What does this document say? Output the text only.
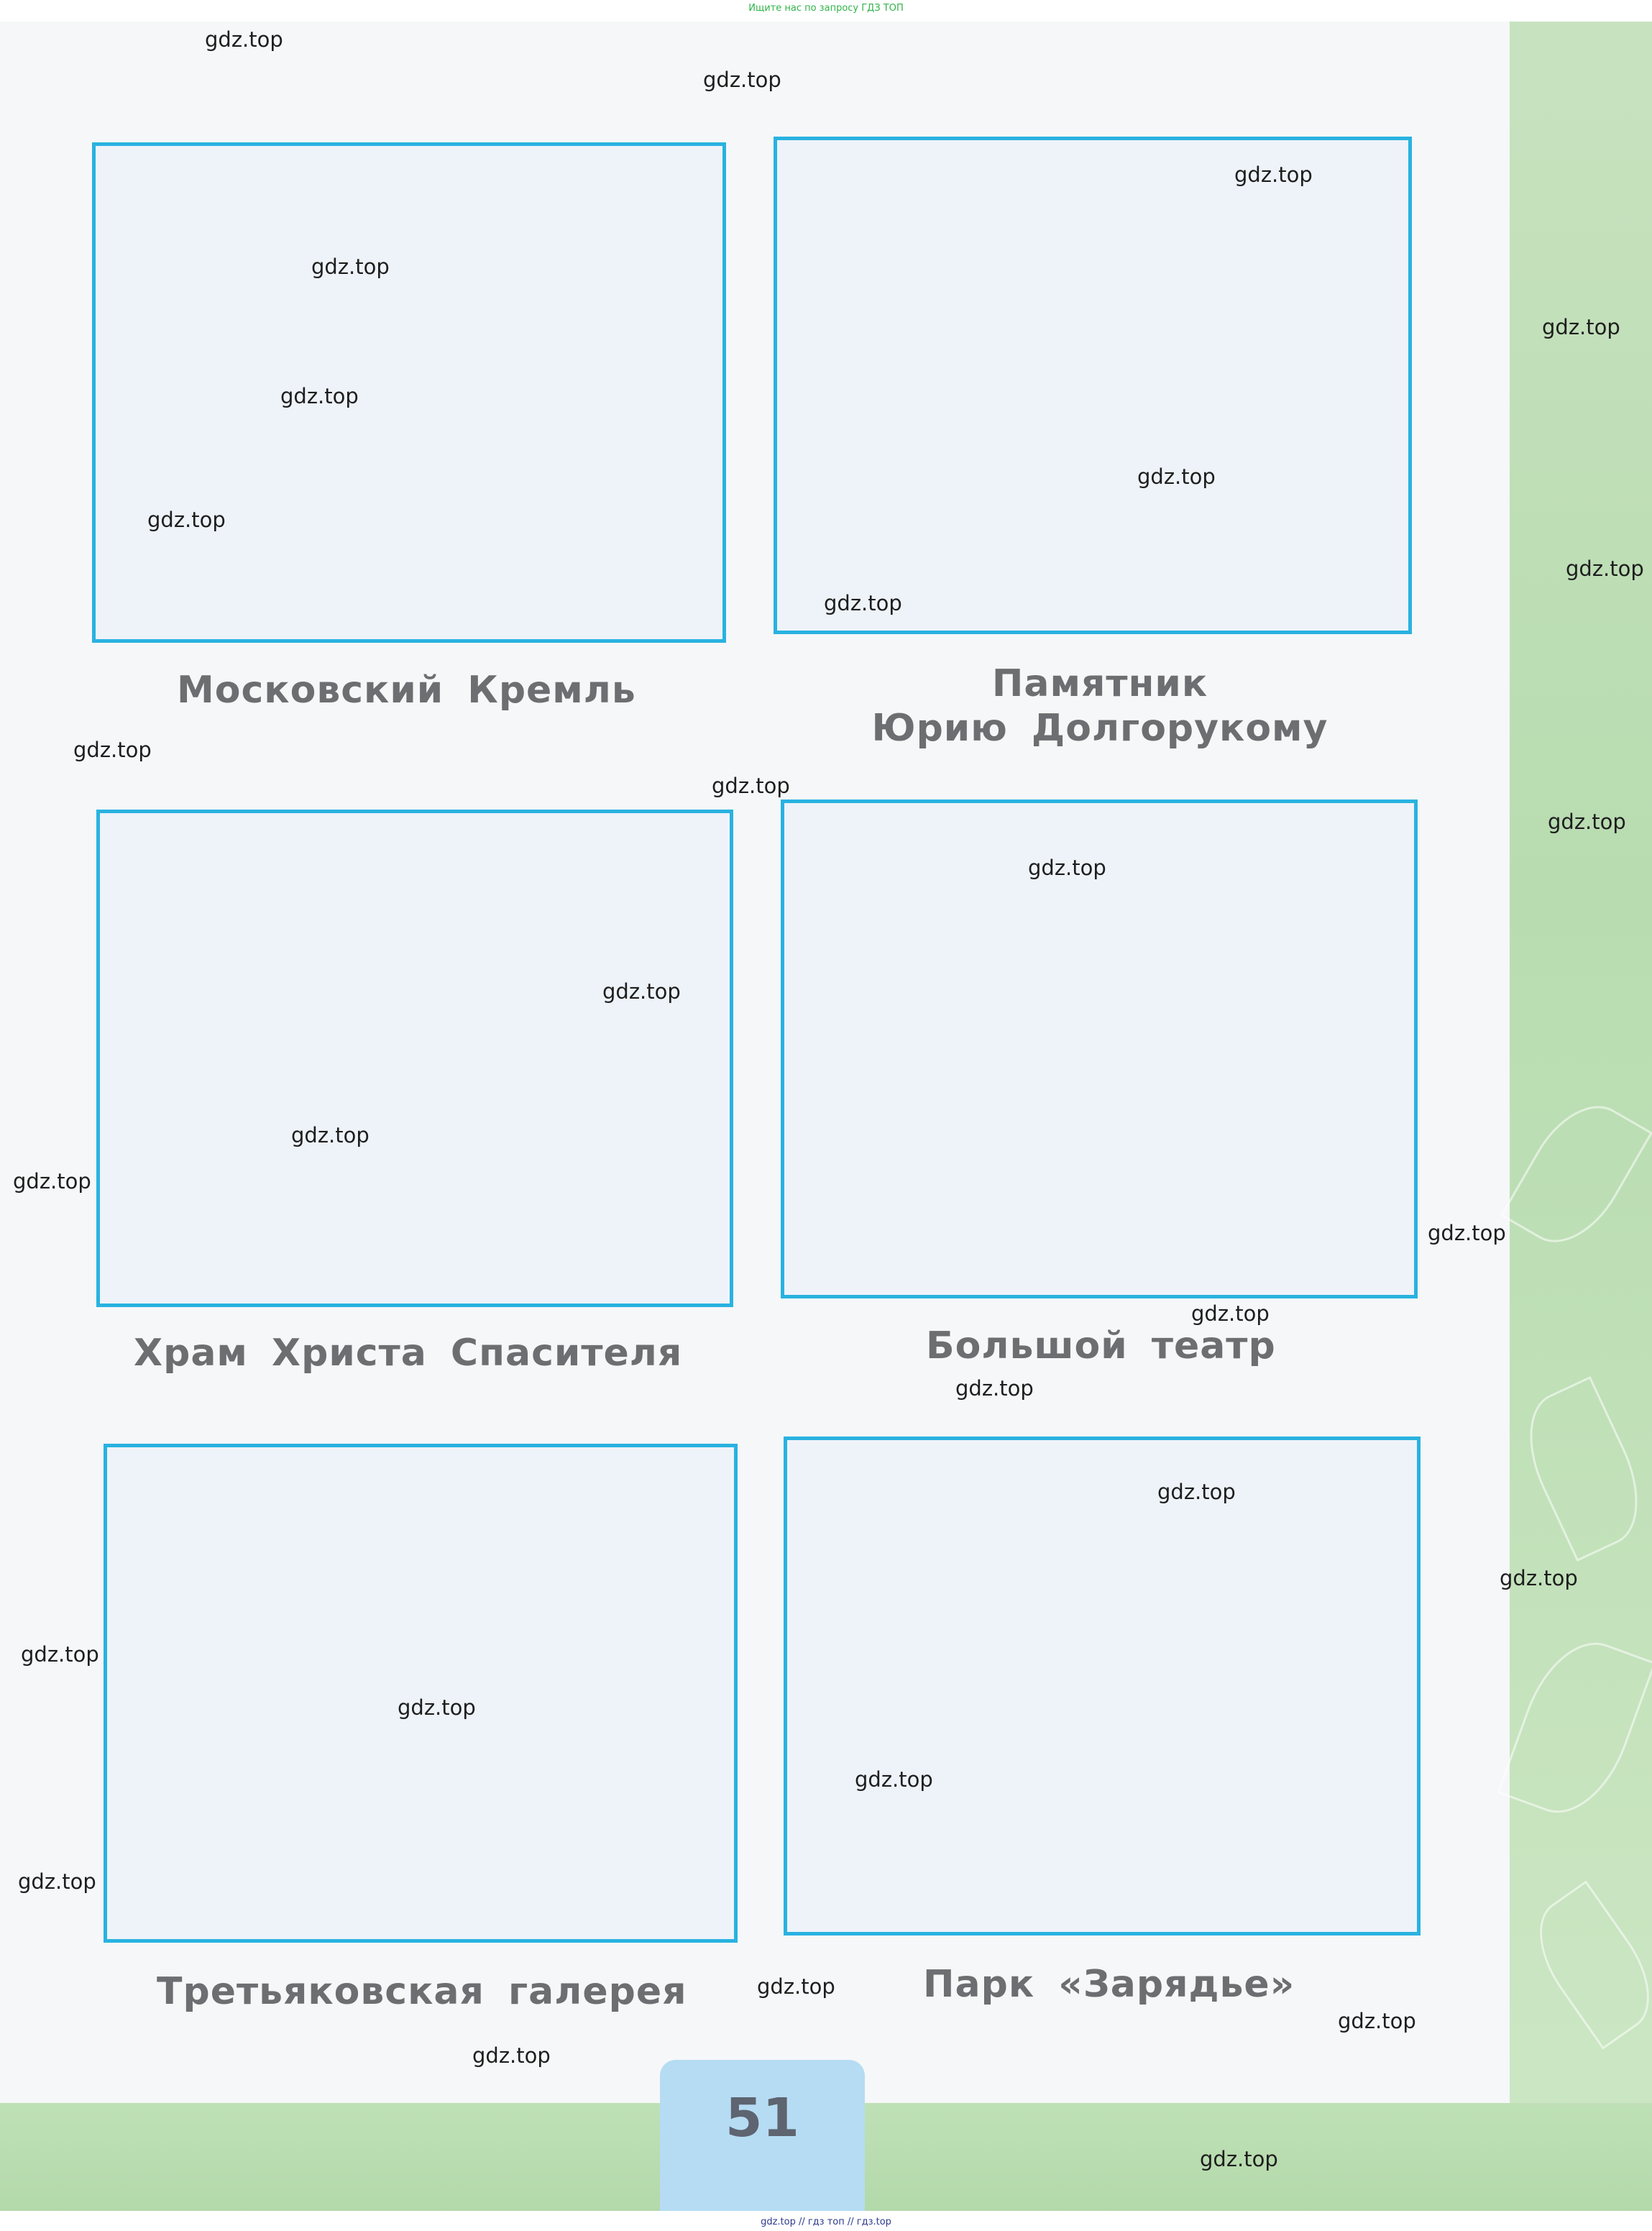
Ищите нас по запросу ГДЗ ТОП
Московский Кремль	Памятник
Юрию Долгорукому
Храм Христа Спасителя	Большой театр
Третьяковская галерея	Парк «Зарядье»
51
gdz.top
gdz.top
gdz.top
gdz.top
gdz.top
gdz.top
gdz.top
gdz.top
gdz.top
gdz.top
gdz.top
gdz.top
gdz.top
gdz.top
gdz.top
gdz.top
gdz.top
gdz.top
gdz.top
gdz.top
gdz.top
gdz.top
gdz.top
gdz.top
gdz.top
gdz.top
gdz.top
gdz.top
gdz.top
gdz.top
gdz.top // гдз топ // гдз.top
